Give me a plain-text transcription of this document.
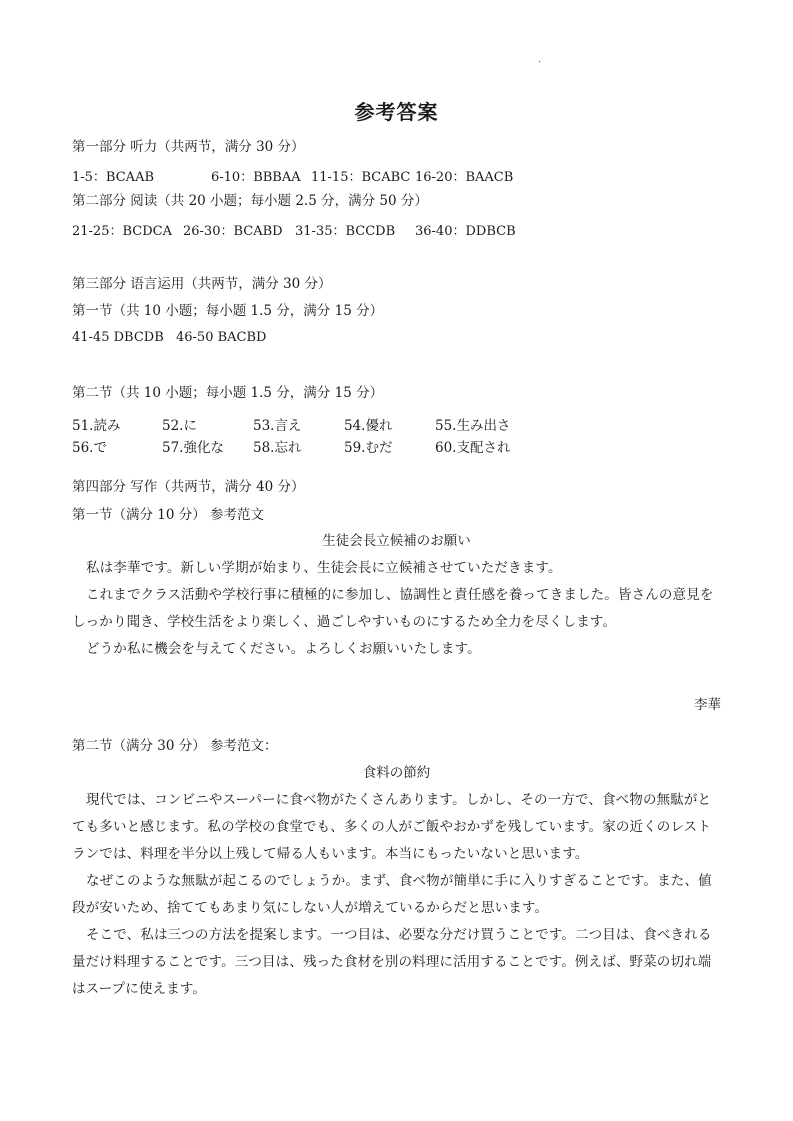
.
参考答案
第一部分 听力（共两节，满分 30 分）
1-5：BCAAB	6-10：BBBAA 11-15：BCABC 16-20：BAACB
第二部分 阅读（共 20 小题；每小题 2.5 分，满分 50 分）
21-25：BCDCA 26-30：BCABD 31-35：BCCDB 36-40：DDBCB
第三部分 语言运用（共两节，满分 30 分）
第一节（共 10 小题；每小题 1.5 分，满分 15 分）
41-45 DBCDB 46-50 BACBD
第二节（共 10 小题；每小题 1.5 分，满分 15 分）
51.読み	52.に	53.言え	54.優れ	55.生み出さ
56.で	57.強化な 58.忘れ	59.むだ	60.支配され
第四部分 写作（共两节，满分 40 分）
第一节（满分 10 分） 参考范文
生徒会長立候補のお願い
私は李華です。新しい学期が始まり、生徒会長に立候補させていただきます。
これまでクラス活動や学校行事に積極的に参加し、協調性と責任感を養ってきました。皆さんの意見をしっかり聞き、学校生活をより楽しく、過ごしやすいものにするため全力を尽くします。
どうか私に機会を与えてください。よろしくお願いいたします。
李華
第二节（满分 30 分） 参考范文：
食料の節約
現代では、コンビニやスーパーに食べ物がたくさんあります。しかし、その一方で、食べ物の無駄がとても多いと感じます。私の学校の食堂でも、多くの人がご飯やおかずを残しています。家の近くのレストランでは、料理を半分以上残して帰る人もいます。本当にもったいないと思います。
なぜこのような無駄が起こるのでしょうか。まず、食べ物が簡単に手に入りすぎることです。また、値段が安いため、捨ててもあまり気にしない人が増えているからだと思います。
そこで、私は三つの方法を提案します。一つ目は、必要な分だけ買うことです。二つ目は、食べきれる量だけ料理することです。三つ目は、残った食材を別の料理に活用することです。例えば、野菜の切れ端はスープに使えます。
